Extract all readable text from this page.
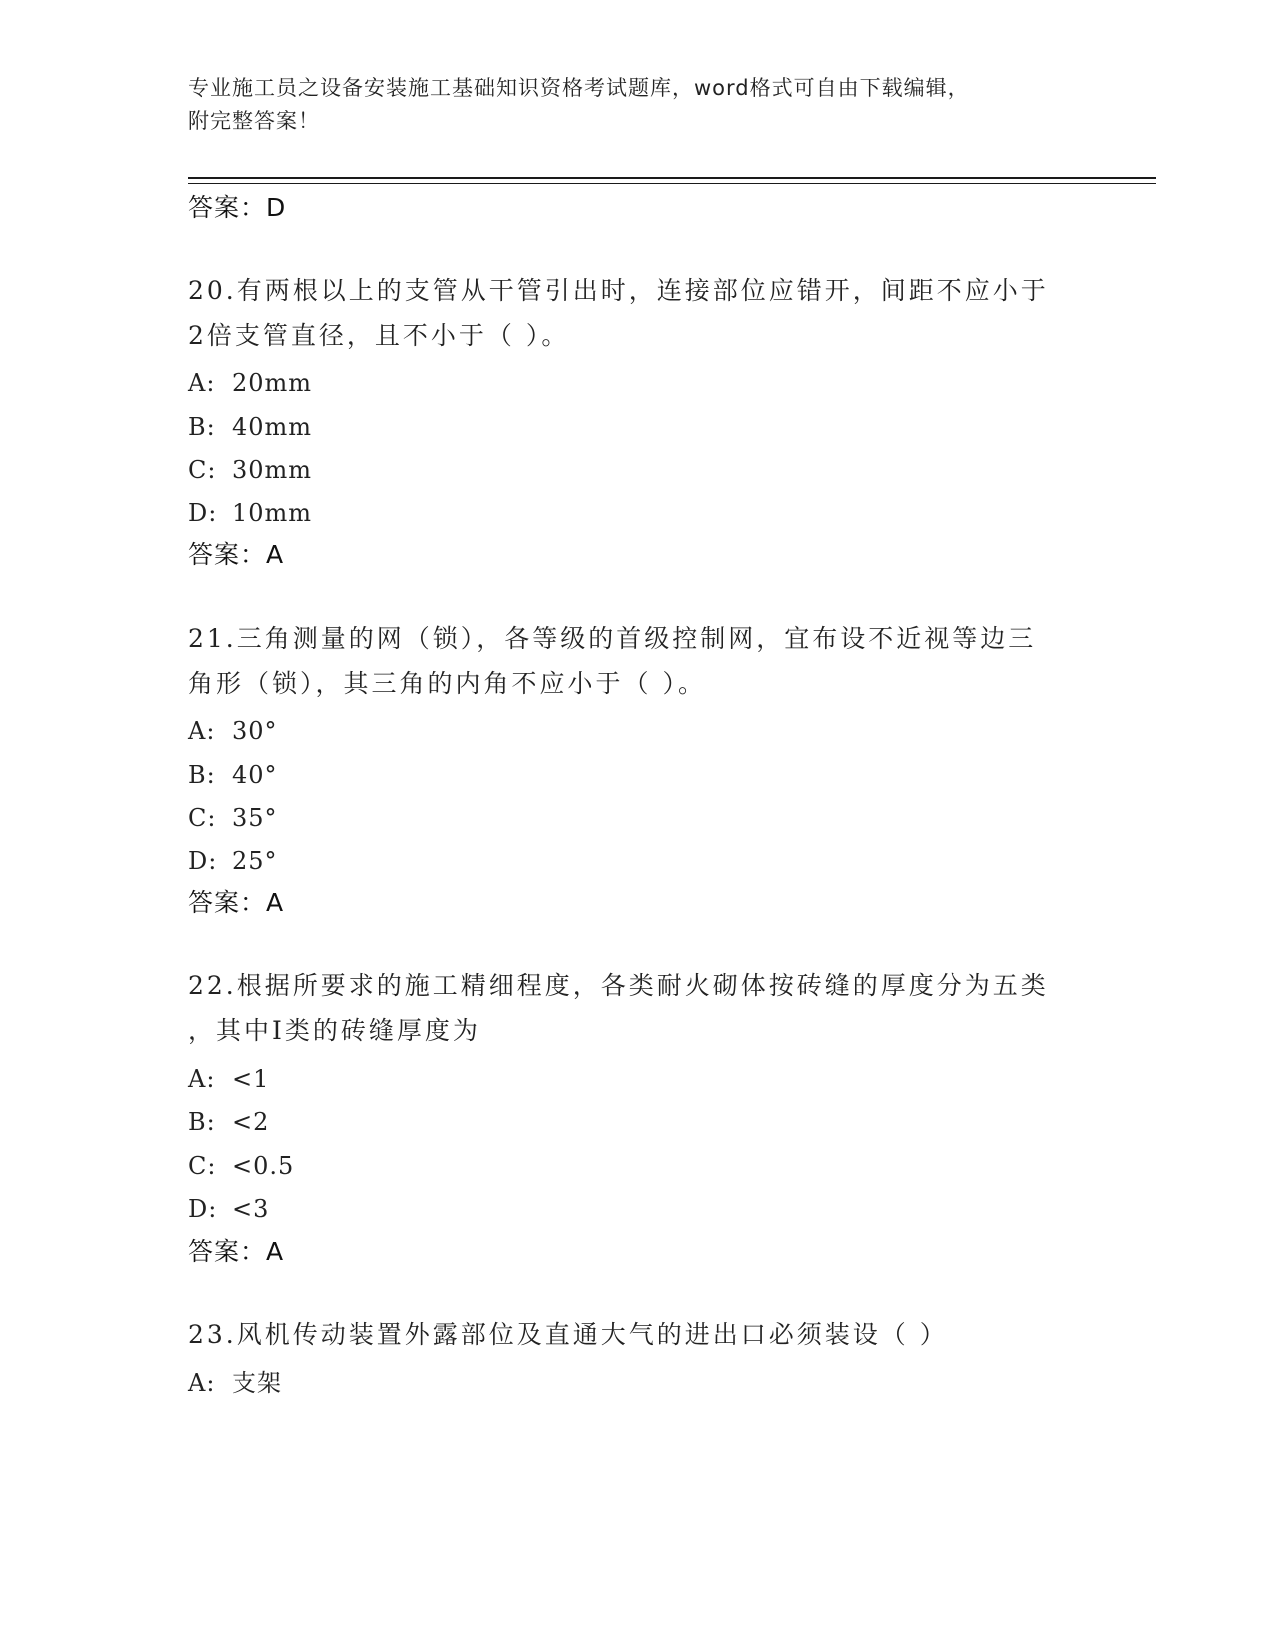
专业施工员之设备安装施工基础知识资格考试题库，word格式可自由下载编辑，
附完整答案！
答案：D
20.有两根以上的支管从干管引出时，连接部位应错开，间距不应小于
2倍支管直径，且不小于（ ）。
A: 20mm
B: 40mm
C: 30mm
D: 10mm
答案：A
21.三角测量的网（锁），各等级的首级控制网，宜布设不近视等边三
角形（锁），其三角的内角不应小于（ ）。
A: 30°
B: 40°
C: 35°
D: 25°
答案：A
22.根据所要求的施工精细程度，各类耐火砌体按砖缝的厚度分为五类
，其中Ⅰ类的砖缝厚度为
A: <1
B: <2
C: <0.5
D: <3
答案：A
23.风机传动装置外露部位及直通大气的进出口必须装设（ ）
A: 支架
